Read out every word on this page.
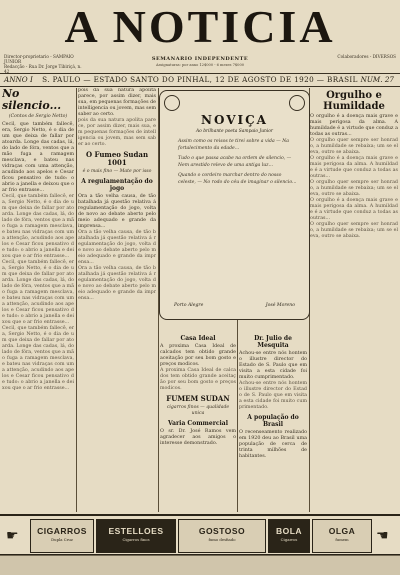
A NOTICIA
Director-proprietario - SAMPAIO JUNIOR
Redacção - Rua Dr. Jorge Tibiriçá, n. 42
SEMANARIO INDEPENDENTE
Assignaturas: por anno 12$000 - 6 mezes 7$000
Colaboradores - DIVERSOS
ANNO I	S. PAULO — ESTADO SANTO DO PINHAL, 12 DE AGOSTO DE 1920 — BRASIL NUM. 27
No silencio...
(Contos de Sergio Netto)
Cecil, que também fallecê, era, Sergio Netto, é o dia de um que deixa de fallar por atoarda. Longe das cadas, lá, do lado de fóra, ventos que a mão fuga a ramagem mesclava, e bateu nas vidraças com uma attenção, acudindo aos apelos e Cesar ficou pensativo de tudo: o abrio a janella e deixou que o ar frio entrasse...
Cecil, que também fallecê, era, Sergio Netto, é o dia de um que deixa de fallar por atoarda. Longe das cadas, lá, do lado de fóra, ventos que a mão fuga a ramagem mesclava, e bateu nas vidraças com uma attenção, acudindo aos apelos e Cesar ficou pensativo de tudo: o abrio a janella e deixou que o ar frio entrasse...
Cecil, que também fallecê, era, Sergio Netto, é o dia de um que deixa de fallar por atoarda. Longe das cadas, lá, do lado de fóra, ventos que a mão fuga a ramagem mesclava, e bateu nas vidraças com uma attenção, acudindo aos apelos e Cesar ficou pensativo de tudo: o abrio a janella e deixou que o ar frio entrasse...
Cecil, que também fallecê, era, Sergio Netto, é o dia de um que deixa de fallar por atoarda. Longe das cadas, lá, do lado de fóra, ventos que a mão fuga a ramagem mesclava, e bateu nas vidraças com uma attenção, acudindo aos apelos e Cesar ficou pensativo de tudo: o abrio a janella e deixou que o ar frio entrasse...
pois da sua natura apolita parece, por assim dizer, mais sua, em pequenas formações de intelligencia ou jovem, mas sem saber ao certo.
pois da sua natura apolita parece, por assim dizer, mais sua, em pequenas formações de intelligencia ou jovem, mas sem saber ao certo.
O Fumeo Sudan 1001
é o mais fino — Mate por isso
A regulamentação do jogo
Ora a tão velha causa, de tão batalhada já questão relativa á regulamentação do jogo, volta de novo ao debate aberto pelo meio adequado e grande da imprensa...
Ora a tão velha causa, de tão batalhada já questão relativa á regulamentação do jogo, volta de novo ao debate aberto pelo meio adequado e grande da imprensa...
Ora a tão velha causa, de tão batalhada já questão relativa á regulamentação do jogo, volta de novo ao debate aberto pelo meio adequado e grande da imprensa...
NOVIÇA
Ao brilhante poeta Sampaio Junior
Assim como os reisos te tirei sobre a vida — Na fortalecimento da edade...
Tudo o que passa acabe na ordem de silencio, — Nem arestido relevo de uma antiga luz...
Quando o cordeiro marchar dentro do nosso celeste, — No rodo do céu de imaginar o silencio...
Porto Alegre	José Moreno
Casa Ideal
A proxima Casa Ideal de calcados tem obtido grande aceitação por seu bom gosto e preços modicos.
A proxima Casa Ideal de calcados tem obtido grande aceitação por seu bom gosto e preços modicos.
FUMEM SUDAN
cigarros finos — qualidade unica
Varia Commercial
O sr. Dr. José Ramos vem agradecer aos amigos o interesse demonstrado.
Dr. Julio de Mesquita
Achou-se entre nós hontem o illustre director do Estado de S. Paulo que em visita a esta cidade foi muito cumprimentado.
Achou-se entre nós hontem o illustre director do Estado de S. Paulo que em visita a esta cidade foi muito cumprimentado.
A população do Brasil
O recenseamento realizado em 1920 deu ao Brasil uma população de cerca de trinta milhões de habitantes.
Orgulho e Humildade
O orgulho é a doença mais grave e mais perigosa da alma. A humildade é a virtude que conduz a todas as outras...
O orgulho quer sempre ser honrado, a humildade se rebaixa; um se eleva, outro se abaixa.
O orgulho é a doença mais grave e mais perigosa da alma. A humildade é a virtude que conduz a todas as outras...
O orgulho quer sempre ser honrado, a humildade se rebaixa; um se eleva, outro se abaixa.
O orgulho é a doença mais grave e mais perigosa da alma. A humildade é a virtude que conduz a todas as outras...
O orgulho quer sempre ser honrado, a humildade se rebaixa; um se eleva, outro se abaixa.
☛	CIGARROS
Dupla Cruz
ESTELLOES
Cigarros finos
GOSTOSO
fumo desfiado
BOLA
Cigarros
OLGA
fumem	☚
